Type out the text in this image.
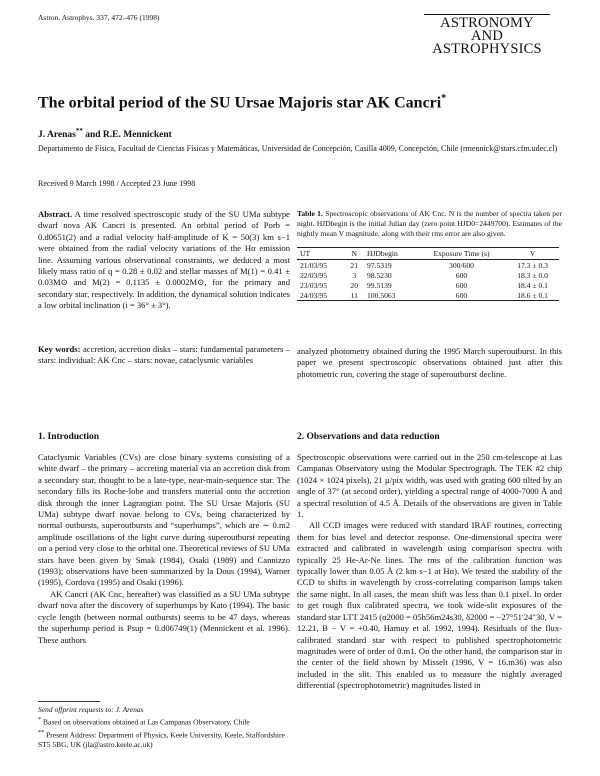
Astron. Astrophys. 337, 472–476 (1998)	ASTRONOMY
AND
ASTROPHYSICS
The orbital period of the SU Ursae Majoris star AK Cancri*
J. Arenas** and R.E. Mennickent
Departamento de Física, Facultad de Ciencias Físicas y Matemáticas, Universidad de Concepción, Casilla 4009, Concepción, Chile (rmennick@stars.cfm.udec.cl)
Received 9 March 1998 / Accepted 23 June 1998

Abstract. A time resolved spectroscopic study of the SU UMa subtype dwarf nova AK Cancri is presented. An orbital period of Porb = 0.d0651(2) and a radial velocity half-amplitude of K = 50(3) km s−1 were obtained from the radial velocity variations of the Hα emission line. Assuming various observational constraints, we deduced a most likely mass ratio of q = 0.28 ± 0.02 and stellar masses of M(1) = 0.41 ± 0.03M⊙ and M(2) = 0.1135 ± 0.0002M⊙, for the primary and secondary star, respectively. In addition, the dynamical solution indicates a low orbital inclination (i = 36° ± 3°).

Key words: accretion, accretion disks – stars: fundamental parameters – stars: individual: AK Cnc – stars: novae, cataclysmic variables

1. Introduction

Cataclysmic Variables (CVs) are close binary systems consisting of a white dwarf – the primary – accreting material via an accretion disk from a secondary star, thought to be a late-type, near-main-sequence star. The secondary fills its Roche-lobe and transfers material onto the accretion disk through the inner Lagrangian point. The SU Ursae Majoris (SU UMa) subtype dwarf novae belong to CVs, being characterized by normal outbursts, superoutbursts and “superhumps”, which are ∼ 0.m2 amplitude oscillations of the light curve during superoutburst repeating on a period very close to the orbital one. Theoretical reviews of SU UMa stars have been given by Smak (1984), Osaki (1989) and Cannizzo (1993); observations have been summarized by la Dous (1994), Warner (1995), Cordova (1995) and Osaki (1996).

AK Cancri (AK Cnc, hereafter) was classified as a SU UMa subtype dwarf nova after the discovery of superhumps by Kato (1994). The basic cycle length (between normal outbursts) seems to be 47 days, whereas the superhump period is Psup = 0.d06749(1) (Mennickent et al. 1996). These authors

Send offprint requests to: J. Arenas
* Based on observations obtained at Las Campanas Observatory, Chile
** Present Address: Department of Physics, Keele University, Keele, Staffordshire ST5 5BG, UK (jla@astro.keele.ac.uk)
Table 1. Spectroscopic observations of AK Cnc. N is the number of spectra taken per night. HJDbegin is the initial Julian day (zero point HJD0=2449700). Estimates of the nightly mean V magnitude, along with their rms error are also given.
UT	N	HJDbegin	Exposure Time (s)	V
21/03/95	21	97.5319	300/600	17.3 ± 0.3
22/03/95	3	98.5230	600	18.3 ± 0.0
23/03/95	20	99.5139	600	18.4 ± 0.1
24/03/95	11	100.5063	600	18.6 ± 0.1

analyzed photometry obtained during the 1995 March superoutburst. In this paper we present spectroscopic observations obtained just after this photometric run, covering the stage of superoutburst decline.

2. Observations and data reduction

Spectroscopic observations were carried out in the 250 cm-telescope at Las Campanas Observatory using the Modular Spectrograph. The TEK #2 chip (1024 × 1024 pixels), 21 µ/pix width, was used with grating 600 tilted by an angle of 37° (at second order), yielding a spectral range of 4000-7000 Å and a spectral resolution of 4.5 Å. Details of the observations are given in Table 1.

All CCD images were reduced with standard IRAF routines, correcting them for bias level and detector response. One-dimensional spectra were extracted and calibrated in wavelength using comparison spectra with typically 25 He-Ar-Ne lines. The rms of the calibration function was typically lower than 0.05 Å (2 km s−1 at Hα). We tested the stability of the CCD to shifts in wavelength by cross-correlating comparison lamps taken the same night. In all cases, the mean shift was less than 0.1 pixel. In order to get rough flux calibrated spectra, we took wide-slit exposures of the standard star LTT 2415 (α2000 = 05h56m24s30, δ2000 = −27°51′24″30, V = 12.21, B − V = +0.40, Hamuy et al. 1992, 1994). Residuals of the flux-calibrated standard star with respect to published spectrophotometric magnitudes were of order of 0.m1. On the other hand, the comparison star in the center of the field shown by Misselt (1996, V = 16.m36) was also included in the slit. This enabled us to measure the nightly averaged differential (spectrophotometric) magnitudes listed in
